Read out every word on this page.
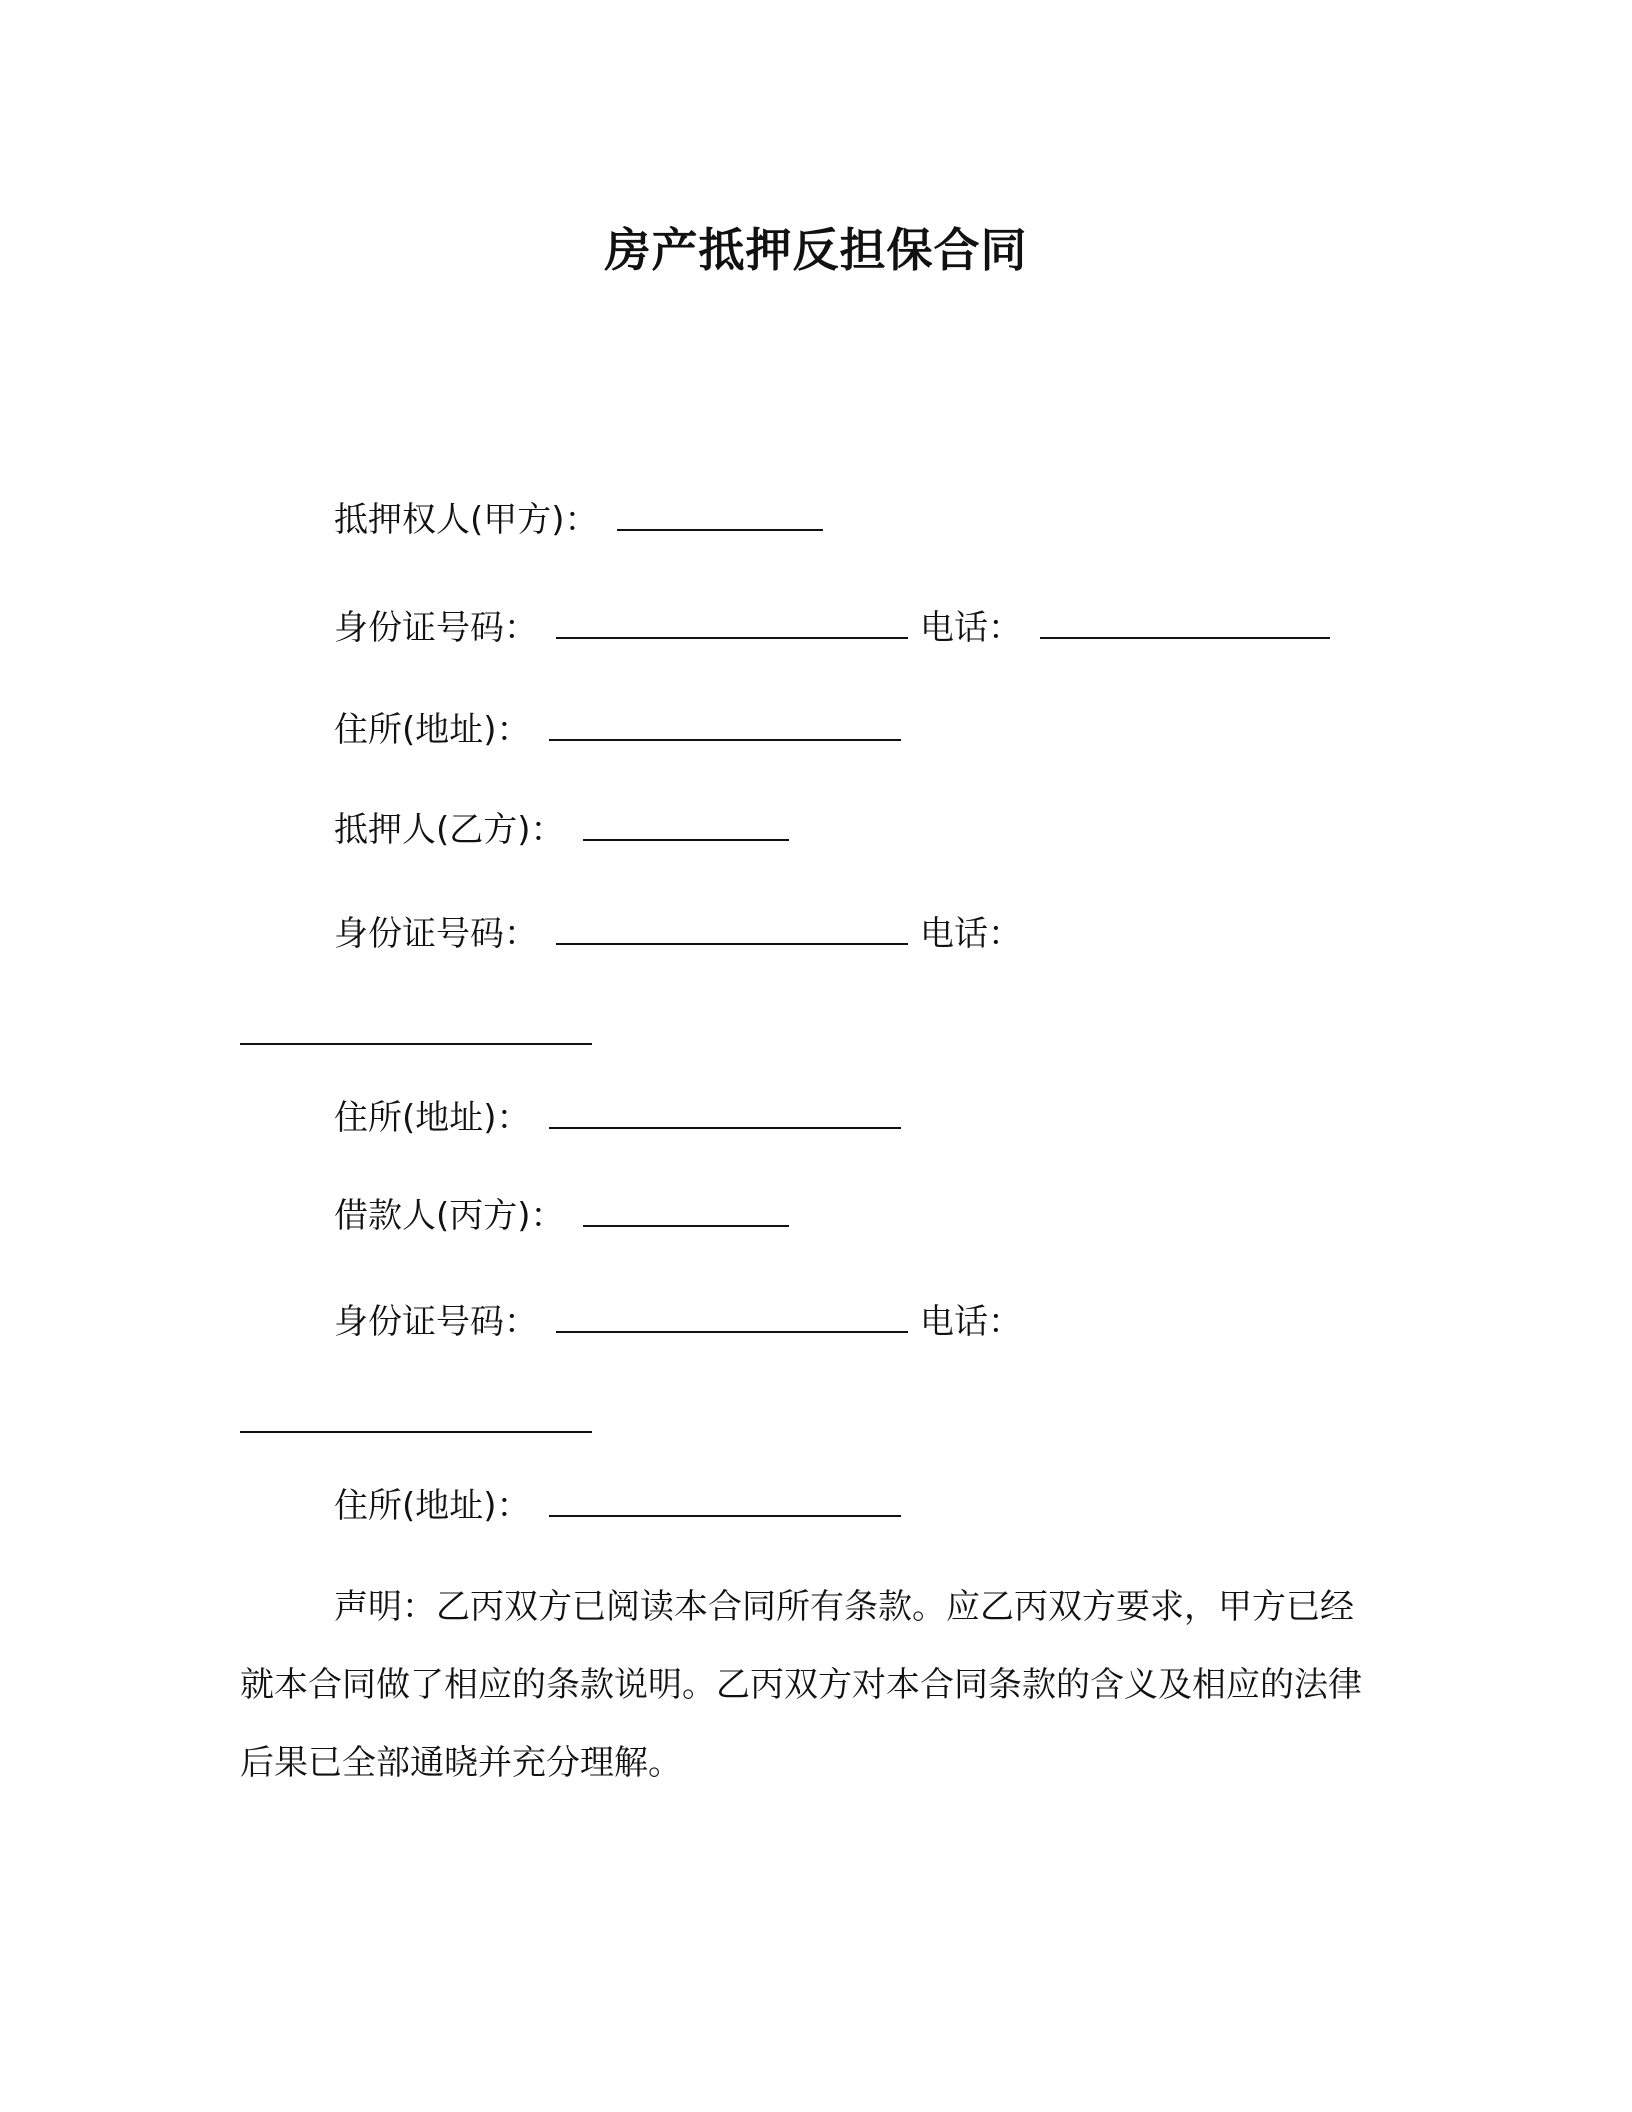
房产抵押反担保合同
抵押权人(甲方)：
身份证号码：	电话：
住所(地址)：
抵押人(乙方)：
身份证号码：	电话：
住所(地址)：
借款人(丙方)：
身份证号码：	电话：
住所(地址)：
声明：乙丙双方已阅读本合同所有条款。应乙丙双方要求，甲方已经就本合同做了相应的条款说明。乙丙双方对本合同条款的含义及相应的法律后果已全部通晓并充分理解。
